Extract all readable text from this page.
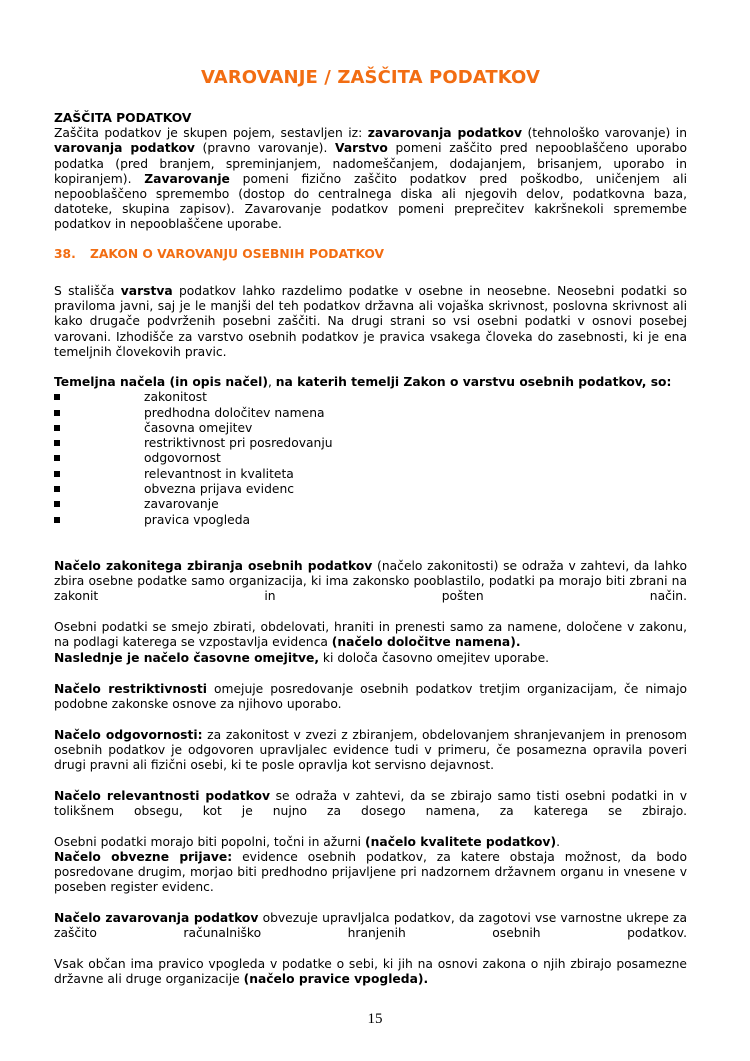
VAROVANJE / ZAŠČITA PODATKOV
ZAŠČITA PODATKOV

Zaščita podatkov je skupen pojem, sestavljen iz: zavarovanja podatkov (tehnološko varovanje) in varovanja podatkov (pravno varovanje). Varstvo pomeni zaščito pred nepooblaščeno uporabo podatka (pred branjem, spreminjanjem, nadomeščanjem, dodajanjem, brisanjem, uporabo in kopiranjem). Zavarovanje pomeni fizično zaščito podatkov pred poškodbo, uničenjem ali nepooblaščeno spremembo (dostop do centralnega diska ali njegovih delov, podatkovna baza, datoteke, skupina zapisov). Zavarovanje podatkov pomeni preprečitev kakršnekoli spremembe podatkov in nepooblaščene uporabe.

38. ZAKON O VAROVANJU OSEBNIH PODATKOV

S stališča varstva podatkov lahko razdelimo podatke v osebne in neosebne. Neosebni podatki so praviloma javni, saj je le manjši del teh podatkov državna ali vojaška skrivnost, poslovna skrivnost ali kako drugače podvrženih posebni zaščiti. Na drugi strani so vsi osebni podatki v osnovi posebej varovani. Izhodišče za varstvo osebnih podatkov je pravica vsakega človeka do zasebnosti, ki je ena temeljnih človekovih pravic.

Temeljna načela (in opis načel), na katerih temelji Zakon o varstvu osebnih podatkov, so:

zakonitost
predhodna določitev namena
časovna omejitev
restriktivnost pri posredovanju
odgovornost
relevantnost in kvaliteta
obvezna prijava evidenc
zavarovanje
pravica vpogleda

Načelo zakonitega zbiranja osebnih podatkov (načelo zakonitosti) se odraža v zahtevi, da lahko zbira osebne podatke samo organizacija, ki ima zakonsko pooblastilo, podatki pa morajo biti zbrani na zakonit in pošten način.

Osebni podatki se smejo zbirati, obdelovati, hraniti in prenesti samo za namene, določene v zakonu, na podlagi katerega se vzpostavlja evidenca (načelo določitve namena).

Naslednje je načelo časovne omejitve, ki določa časovno omejitev uporabe.

Načelo restriktivnosti omejuje posredovanje osebnih podatkov tretjim organizacijam, če nimajo podobne zakonske osnove za njihovo uporabo.

Načelo odgovornosti: za zakonitost v zvezi z zbiranjem, obdelovanjem shranjevanjem in prenosom osebnih podatkov je odgovoren upravljalec evidence tudi v primeru, če posamezna opravila poveri drugi pravni ali fizični osebi, ki te posle opravlja kot servisno dejavnost.

Načelo relevantnosti podatkov se odraža v zahtevi, da se zbirajo samo tisti osebni podatki in v tolikšnem obsegu, kot je nujno za dosego namena, za katerega se zbirajo.

Osebni podatki morajo biti popolni, točni in ažurni (načelo kvalitete podatkov).

Načelo obvezne prijave: evidence osebnih podatkov, za katere obstaja možnost, da bodo posredovane drugim, morjao biti predhodno prijavljene pri nadzornem državnem organu in vnesene v poseben register evidenc.

Načelo zavarovanja podatkov obvezuje upravljalca podatkov, da zagotovi vse varnostne ukrepe za zaščito računalniško hranjenih osebnih podatkov.

Vsak občan ima pravico vpogleda v podatke o sebi, ki jih na osnovi zakona o njih zbirajo posamezne državne ali druge organizacije (načelo pravice vpogleda).

15
